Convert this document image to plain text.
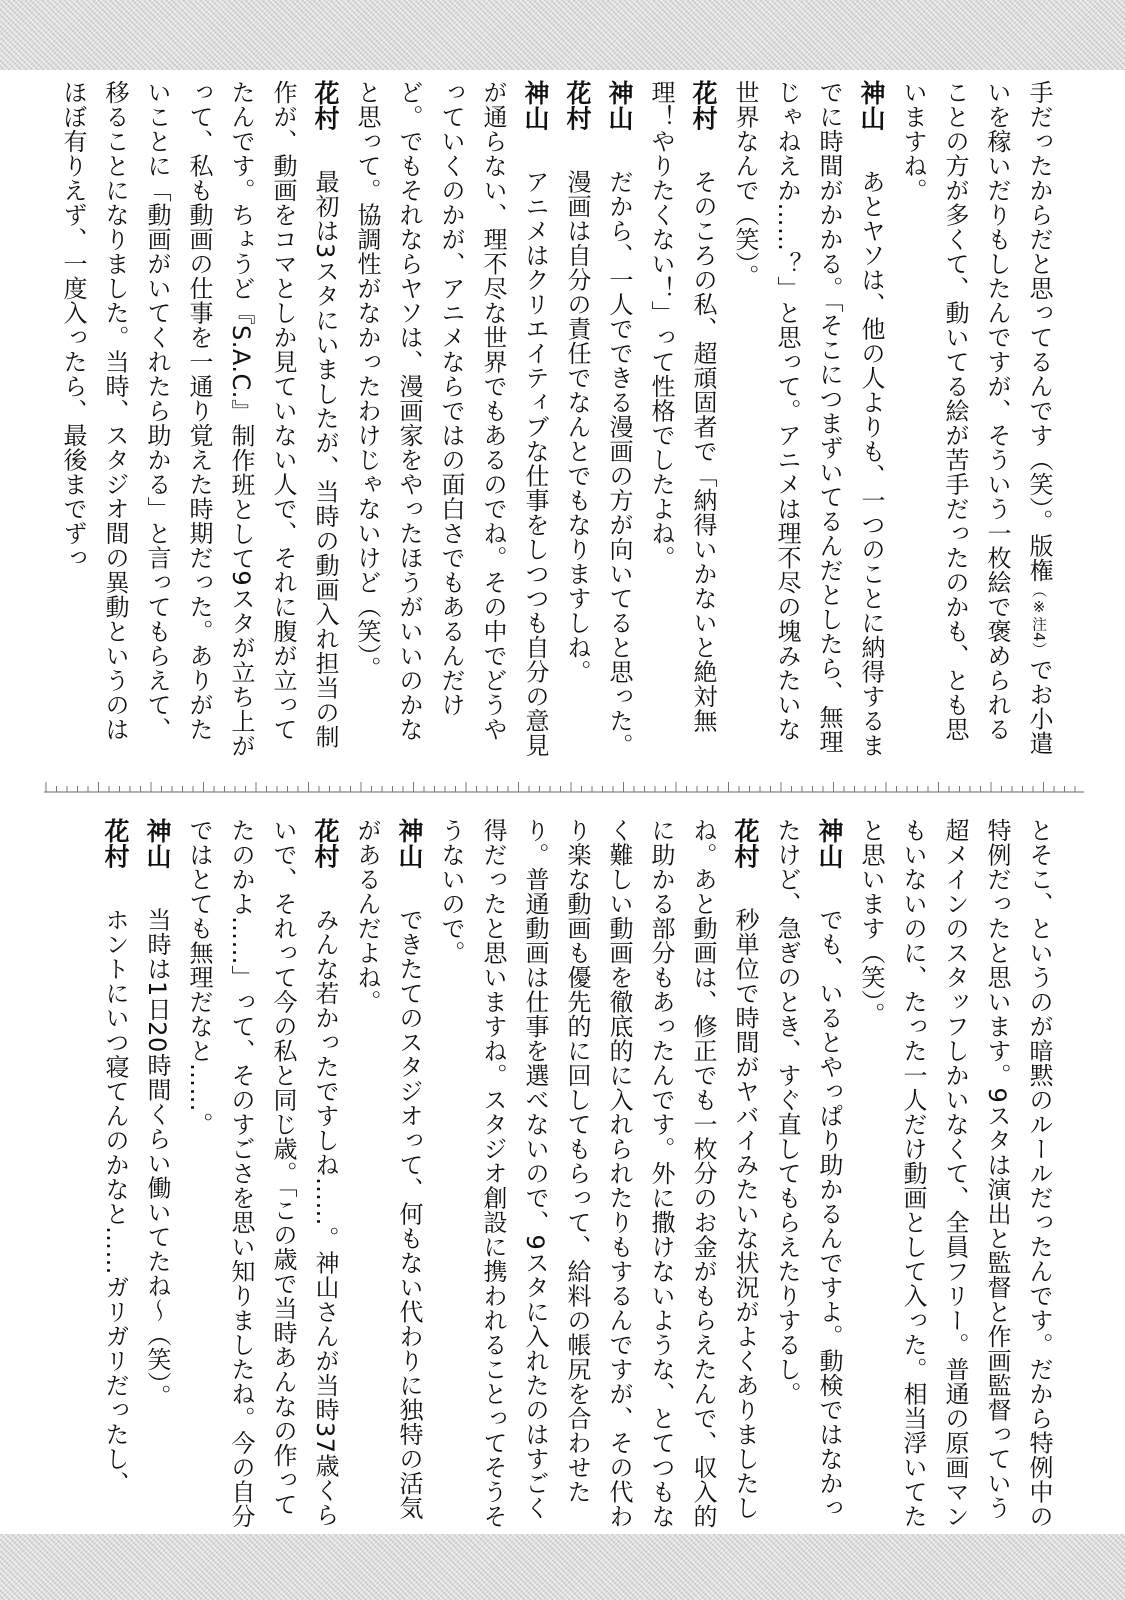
手だったからだと思ってるんです（笑）。版権（※注4）でお小遣いを稼いだりもしたんですが、そういう一枚絵で褒められることの方が多くて、動いてる絵が苦手だったのかも、とも思いますね。

神山　あとヤソは、他の人よりも、一つのことに納得するまでに時間がかかる。「そこにつまずいてるんだとしたら、無理じゃねえか……？」と思って。アニメは理不尽の塊みたいな世界なんで（笑）。

花村　そのころの私、超頑固者で「納得いかないと絶対無理！やりたくない！」って性格でしたよね。

神山　だから、一人でできる漫画の方が向いてると思った。

花村　漫画は自分の責任でなんとでもなりますしね。

神山　アニメはクリエイティブな仕事をしつつも自分の意見が通らない、理不尽な世界でもあるのでね。その中でどうやっていくのかが、アニメならではの面白さでもあるんだけど。でもそれならヤソは、漫画家をやったほうがいいのかなと思って。協調性がなかったわけじゃないけど（笑）。

花村　最初は3スタにいましたが、当時の動画入れ担当の制作が、動画をコマとしか見ていない人で、それに腹が立ってたんです。ちょうど『S.A.C.』制作班として9スタが立ち上がって、私も動画の仕事を一通り覚えた時期だった。ありがたいことに「動画がいてくれたら助かる」と言ってもらえて、移ることになりました。当時、スタジオ間の異動というのはほぼ有りえず、一度入ったら、最後までずっ

とそこ、というのが暗黙のルールだったんです。だから特例中の特例だったと思います。9スタは演出と監督と作画監督っていう超メインのスタッフしかいなくて、全員フリー。普通の原画マンもいないのに、たった一人だけ動画として入った。相当浮いてたと思います（笑）。

神山　でも、いるとやっぱり助かるんですよ。動検ではなかったけど、急ぎのとき、すぐ直してもらえたりするし。

花村　秒単位で時間がヤバイみたいな状況がよくありましたしね。あと動画は、修正でも一枚分のお金がもらえたんで、収入的に助かる部分もあったんです。外に撒けないような、とてつもなく難しい動画を徹底的に入れられたりもするんですが、その代わり楽な動画も優先的に回してもらって、給料の帳尻を合わせたり。普通動画は仕事を選べないので、9スタに入れたのはすごく得だったと思いますね。スタジオ創設に携われることってそうそうないので。

神山　できたてのスタジオって、何もない代わりに独特の活気があるんだよね。

花村　みんな若かったですしね……。神山さんが当時37歳くらいで、それって今の私と同じ歳。「この歳で当時あんなの作ってたのかよ……」って、そのすごさを思い知りましたね。今の自分ではとても無理だなと……。

神山　当時は1日20時間くらい働いてたね～（笑）。

花村　ホントにいつ寝てんのかなと……ガリガリだったし、
